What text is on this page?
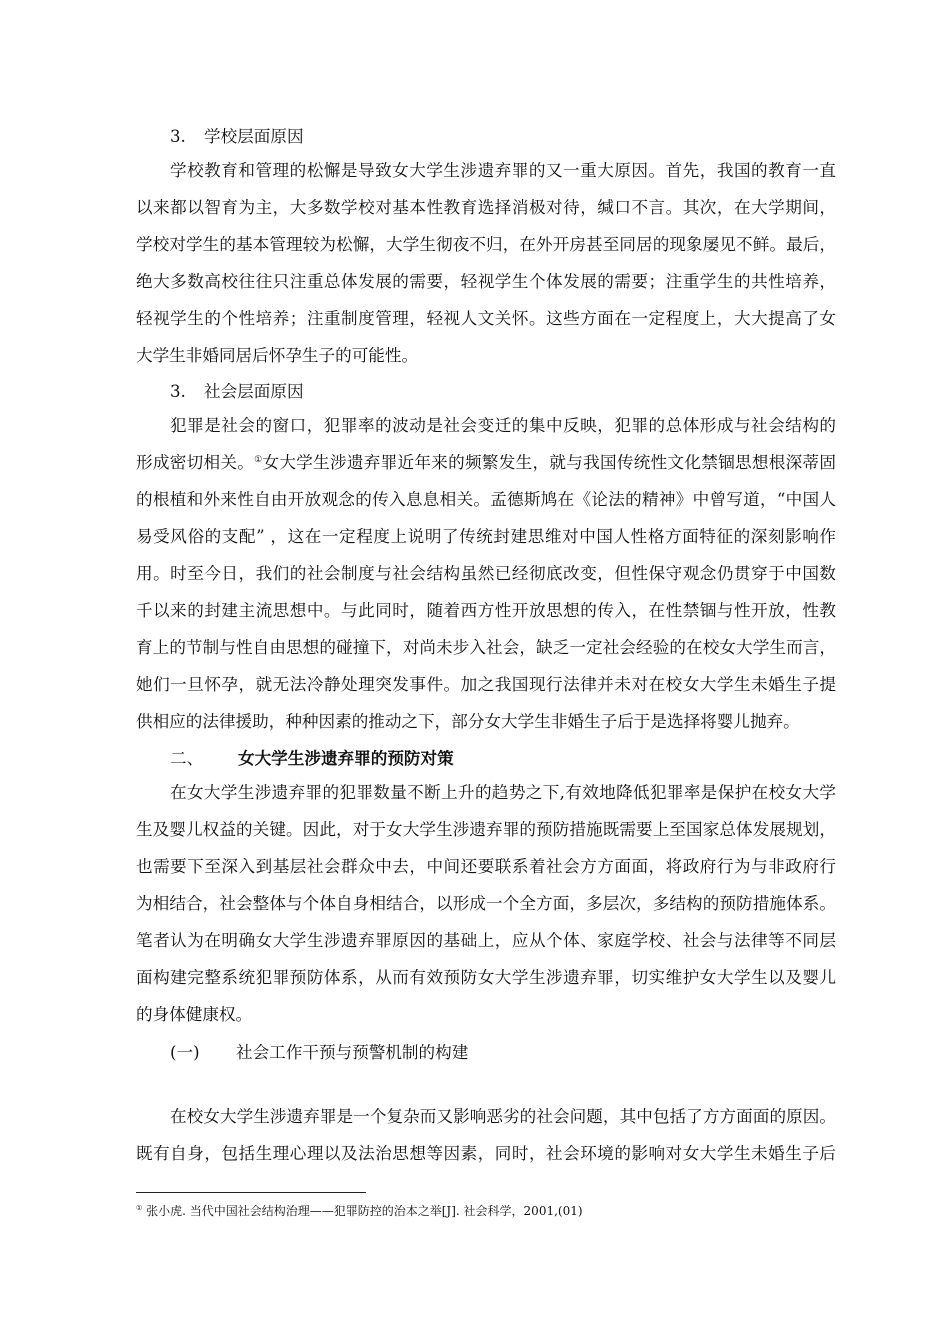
3. 学校层面原因
学校教育和管理的松懈是导致女大学生涉遗弃罪的又一重大原因。首先，我国的教育一直
以来都以智育为主，大多数学校对基本性教育选择消极对待，缄口不言。其次，在大学期间，
学校对学生的基本管理较为松懈，大学生彻夜不归，在外开房甚至同居的现象屡见不鲜。最后，
绝大多数高校往往只注重总体发展的需要，轻视学生个体发展的需要；注重学生的共性培养，
轻视学生的个性培养；注重制度管理，轻视人文关怀。这些方面在一定程度上，大大提高了女
大学生非婚同居后怀孕生子的可能性。
3. 社会层面原因
犯罪是社会的窗口，犯罪率的波动是社会变迁的集中反映，犯罪的总体形成与社会结构的
形成密切相关。①女大学生涉遗弃罪近年来的频繁发生，就与我国传统性文化禁锢思想根深蒂固
的根植和外来性自由开放观念的传入息息相关。孟德斯鸠在《论法的精神》中曾写道，“中国人
易受风俗的支配” ，这在一定程度上说明了传统封建思维对中国人性格方面特征的深刻影响作
用。时至今日，我们的社会制度与社会结构虽然已经彻底改变，但性保守观念仍贯穿于中国数
千以来的封建主流思想中。与此同时，随着西方性开放思想的传入，在性禁锢与性开放，性教
育上的节制与性自由思想的碰撞下，对尚未步入社会，缺乏一定社会经验的在校女大学生而言，
她们一旦怀孕，就无法冷静处理突发事件。加之我国现行法律并未对在校女大学生未婚生子提
供相应的法律援助，种种因素的推动之下，部分女大学生非婚生子后于是选择将婴儿抛弃。
二、 女大学生涉遗弃罪的预防对策
在女大学生涉遗弃罪的犯罪数量不断上升的趋势之下,有效地降低犯罪率是保护在校女大学
生及婴儿权益的关键。因此，对于女大学生涉遗弃罪的预防措施既需要上至国家总体发展规划，
也需要下至深入到基层社会群众中去，中间还要联系着社会方方面面，将政府行为与非政府行
为相结合，社会整体与个体自身相结合，以形成一个全方面，多层次，多结构的预防措施体系。
笔者认为在明确女大学生涉遗弃罪原因的基础上，应从个体、家庭学校、社会与法律等不同层
面构建完整系统犯罪预防体系，从而有效预防女大学生涉遗弃罪，切实维护女大学生以及婴儿
的身体健康权。
(一) 社会工作干预与预警机制的构建
在校女大学生涉遗弃罪是一个复杂而又影响恶劣的社会问题，其中包括了方方面面的原因。
既有自身，包括生理心理以及法治思想等因素，同时，社会环境的影响对女大学生未婚生子后
① 张小虎. 当代中国社会结构治理——犯罪防控的治本之举[J]. 社会科学，2001,(01)
